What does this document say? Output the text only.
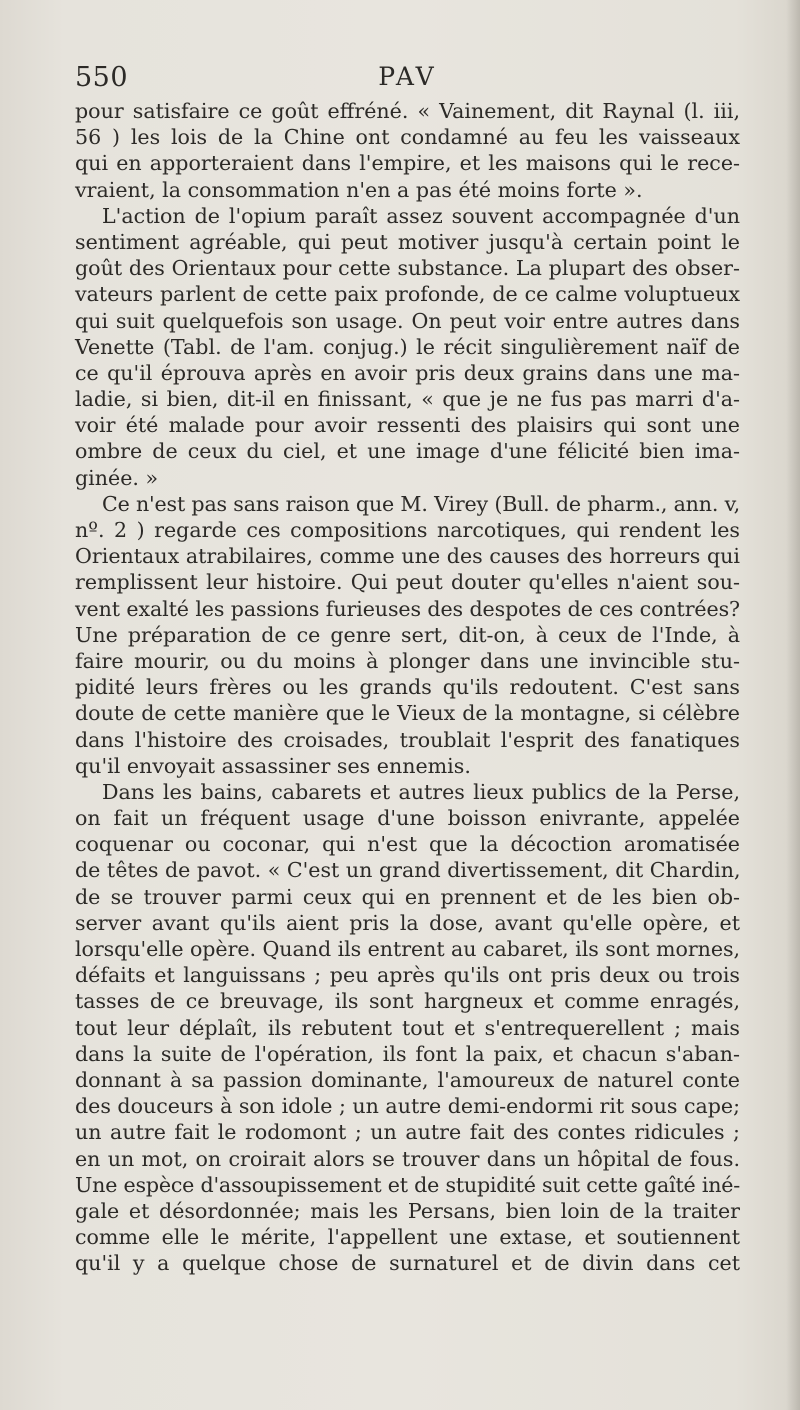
550	PAV
pour satisfaire ce goût effréné. « Vainement, dit Raynal (l. iii,
56 ) les lois de la Chine ont condamné au feu les vaisseaux
qui en apporteraient dans l'empire, et les maisons qui le rece-
vraient, la consommation n'en a pas été moins forte ».
L'action de l'opium paraît assez souvent accompagnée d'un
sentiment agréable, qui peut motiver jusqu'à certain point le
goût des Orientaux pour cette substance. La plupart des obser-
vateurs parlent de cette paix profonde, de ce calme voluptueux
qui suit quelquefois son usage. On peut voir entre autres dans
Venette (Tabl. de l'am. conjug.) le récit singulièrement naïf de
ce qu'il éprouva après en avoir pris deux grains dans une ma-
ladie, si bien, dit-il en finissant, « que je ne fus pas marri d'a-
voir été malade pour avoir ressenti des plaisirs qui sont une
ombre de ceux du ciel, et une image d'une félicité bien ima-
ginée. »
Ce n'est pas sans raison que M. Virey (Bull. de pharm., ann. v,
nº. 2 ) regarde ces compositions narcotiques, qui rendent les
Orientaux atrabilaires, comme une des causes des horreurs qui
remplissent leur histoire. Qui peut douter qu'elles n'aient sou-
vent exalté les passions furieuses des despotes de ces contrées?
Une préparation de ce genre sert, dit-on, à ceux de l'Inde, à
faire mourir, ou du moins à plonger dans une invincible stu-
pidité leurs frères ou les grands qu'ils redoutent. C'est sans
doute de cette manière que le Vieux de la montagne, si célèbre
dans l'histoire des croisades, troublait l'esprit des fanatiques
qu'il envoyait assassiner ses ennemis.
Dans les bains, cabarets et autres lieux publics de la Perse,
on fait un fréquent usage d'une boisson enivrante, appelée
coquenar ou coconar, qui n'est que la décoction aromatisée
de têtes de pavot. « C'est un grand divertissement, dit Chardin,
de se trouver parmi ceux qui en prennent et de les bien ob-
server avant qu'ils aient pris la dose, avant qu'elle opère, et
lorsqu'elle opère. Quand ils entrent au cabaret, ils sont mornes,
défaits et languissans ; peu après qu'ils ont pris deux ou trois
tasses de ce breuvage, ils sont hargneux et comme enragés,
tout leur déplaît, ils rebutent tout et s'entrequerellent ; mais
dans la suite de l'opération, ils font la paix, et chacun s'aban-
donnant à sa passion dominante, l'amoureux de naturel conte
des douceurs à son idole ; un autre demi-endormi rit sous cape;
un autre fait le rodomont ; un autre fait des contes ridicules ;
en un mot, on croirait alors se trouver dans un hôpital de fous.
Une espèce d'assoupissement et de stupidité suit cette gaîté iné-
gale et désordonnée; mais les Persans, bien loin de la traiter
comme elle le mérite, l'appellent une extase, et soutiennent
qu'il y a quelque chose de surnaturel et de divin dans cet
